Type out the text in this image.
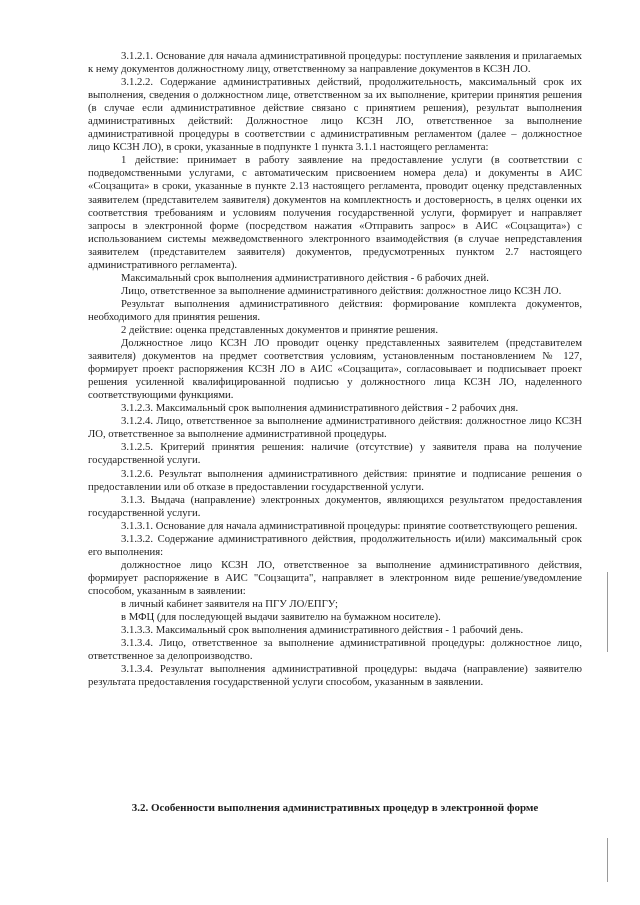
3.1.2.1. Основание для начала административной процедуры: поступление заявления и прилагаемых к нему документов должностному лицу, ответственному за направление документов в КСЗН ЛО.

3.1.2.2. Содержание административных действий, продолжительность, максимальный срок их выполнения, сведения о должностном лице, ответственном за их выполнение, критерии принятия решения (в случае если административное действие связано с принятием решения), результат выполнения административных действий: Должностное лицо КСЗН ЛО, ответственное за выполнение административной процедуры в соответствии с административным регламентом (далее – должностное лицо КСЗН ЛО), в сроки, указанные в подпункте 1 пункта 3.1.1 настоящего регламента:

1 действие: принимает в работу заявление на предоставление услуги (в соответствии с подведомственными услугами, с автоматическим присвоением номера дела) и документы в АИС «Соцзащита» в сроки, указанные в пункте 2.13 настоящего регламента, проводит оценку представленных заявителем (представителем заявителя) документов на комплектность и достоверность, в целях оценки их соответствия требованиям и условиям получения государственной услуги, формирует и направляет запросы в электронной форме (посредством нажатия «Отправить запрос» в АИС «Соцзащита») с использованием системы межведомственного электронного взаимодействия (в случае непредставления заявителем (представителем заявителя) документов, предусмотренных пунктом 2.7 настоящего административного регламента).

Максимальный срок выполнения административного действия - 6 рабочих дней.

Лицо, ответственное за выполнение административного действия: должностное лицо КСЗН ЛО.

Результат выполнения административного действия: формирование комплекта документов, необходимого для принятия решения.

2 действие: оценка представленных документов и принятие решения.

Должностное лицо КСЗН ЛО проводит оценку представленных заявителем (представителем заявителя) документов на предмет соответствия условиям, установленным постановлением № 127, формирует проект распоряжения КСЗН ЛО в АИС «Соцзащита», согласовывает и подписывает проект решения усиленной квалифицированной подписью у должностного лица КСЗН ЛО, наделенного соответствующими функциями.

3.1.2.3. Максимальный срок выполнения административного действия - 2 рабочих дня.

3.1.2.4. Лицо, ответственное за выполнение административного действия: должностное лицо КСЗН ЛО, ответственное за выполнение административной процедуры.

3.1.2.5. Критерий принятия решения: наличие (отсутствие) у заявителя права на получение государственной услуги.

3.1.2.6. Результат выполнения административного действия: принятие и подписание решения о предоставлении или об отказе в предоставлении государственной услуги.

3.1.3. Выдача (направление) электронных документов, являющихся результатом предоставления государственной услуги.

3.1.3.1. Основание для начала административной процедуры: принятие соответствующего решения.

3.1.3.2. Содержание административного действия, продолжительность и(или) максимальный срок его выполнения:

должностное лицо КСЗН ЛО, ответственное за выполнение административного действия, формирует распоряжение в АИС "Соцзащита", направляет в электронном виде решение/уведомление способом, указанным в заявлении:

в личный кабинет заявителя на ПГУ ЛО/ЕПГУ;

в МФЦ (для последующей выдачи заявителю на бумажном носителе).

3.1.3.3. Максимальный срок выполнения административного действия - 1 рабочий день.

3.1.3.4. Лицо, ответственное за выполнение административной процедуры: должностное лицо, ответственное за делопроизводство.

3.1.3.4. Результат выполнения административной процедуры: выдача (направление) заявителю результата предоставления государственной услуги способом, указанным в заявлении.

3.2. Особенности выполнения административных процедур в электронной форме
